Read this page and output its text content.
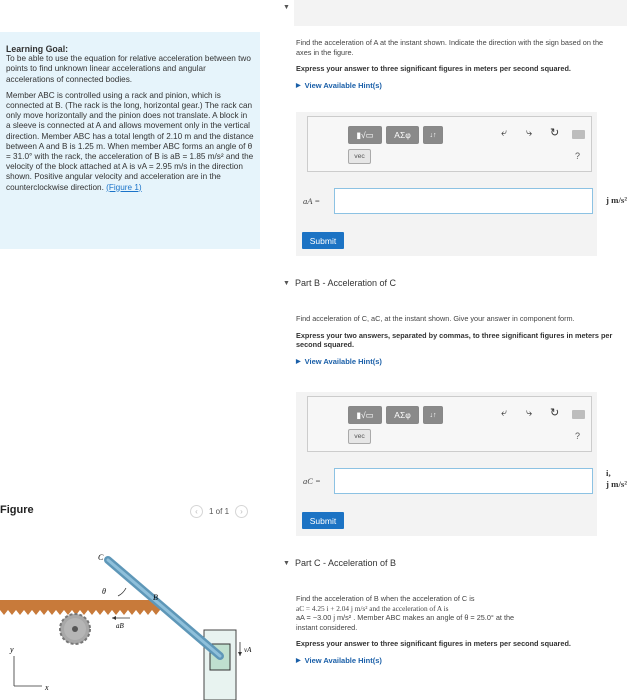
Learning Goal:
To be able to use the equation for relative acceleration between two points to find unknown linear accelerations and angular accelerations of connected bodies.
Member ABC is controlled using a rack and pinion, which is connected at B. (The rack is the long, horizontal gear.) The rack can only move horizontally and the pinion does not translate. A block in a sleeve is connected at A and allows movement only in the vertical direction. Member ABC has a total length of 2.10 m and the distance between A and B is 1.25 m. When member ABC forms an angle of θ = 31.0° with the rack, the acceleration of B is aB = 1.85 m/s² and the velocity of the block attached at A is vA = 2.95 m/s in the direction shown. Positive angular velocity and acceleration are in the counterclockwise direction. (Figure 1)
Figure	‹	1 of 1	›
C
θ
B
aB
vA
y
x
▼
Find the acceleration of A at the instant shown. Indicate the direction with the sign based on the axes in the figure.
Express your answer to three significant figures in meters per second squared.
▶ View Available Hint(s)
▮√▭	ΑΣφ	↓↑
vec
⤶ ⤷ ↻
?
aA =	j m/s²
Submit
▼ Part B - Acceleration of C
Find acceleration of C, aC, at the instant shown. Give your answer in component form.
Express your two answers, separated by commas, to three significant figures in meters per second squared.
▶ View Available Hint(s)
▮√▭	ΑΣφ	↓↑
vec
⤶ ⤷ ↻
?
aC =
i,
j m/s²
Submit
▼ Part C - Acceleration of B
Find the acceleration of B when the acceleration of C is
aC = 4.25 i + 2.04 j m/s² and the acceleration of A is
aA = −3.00 j m/s² . Member ABC makes an angle of θ = 25.0° at the
instant considered.
Express your answer to three significant figures in meters per second squared.
▶ View Available Hint(s)
